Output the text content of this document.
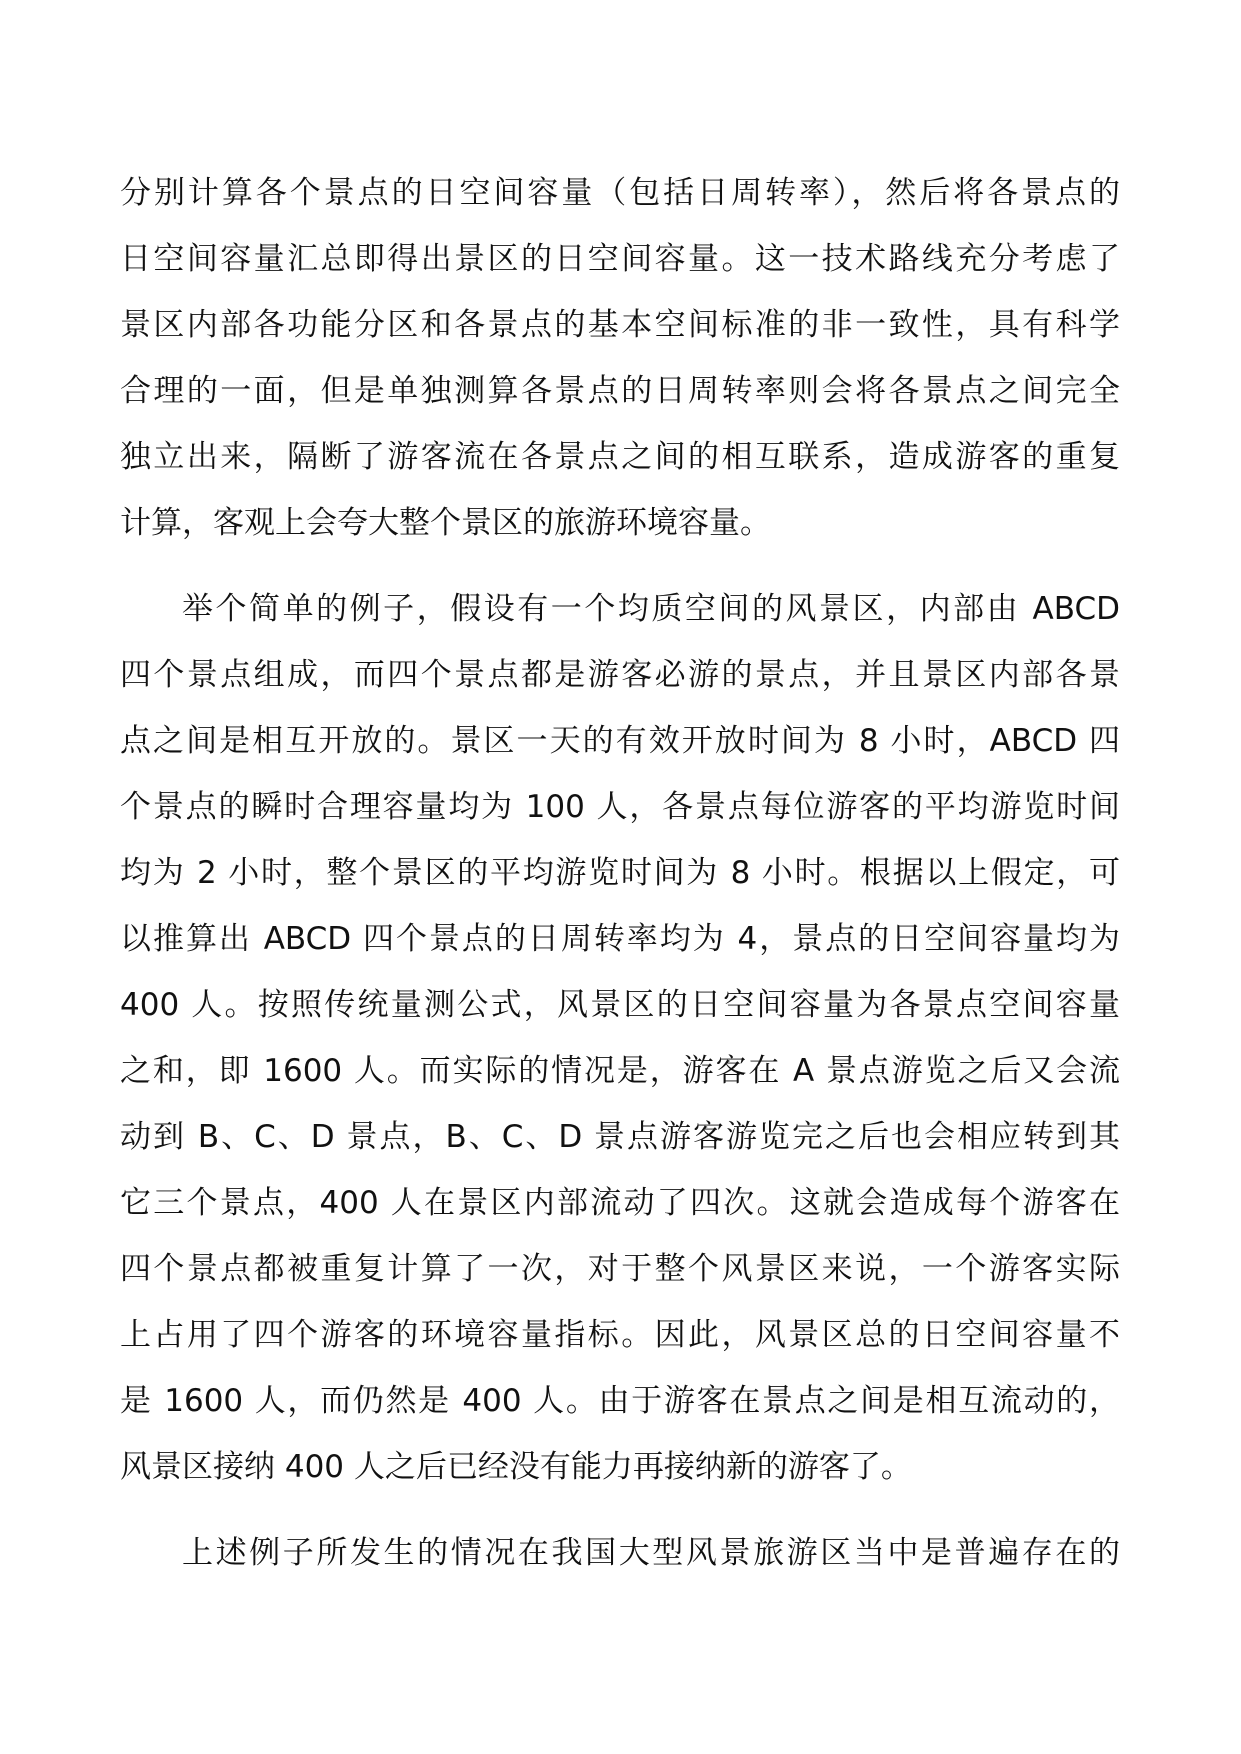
分别计算各个景点的日空间容量（包括日周转率），然后将各景点的
日空间容量汇总即得出景区的日空间容量。这一技术路线充分考虑了
景区内部各功能分区和各景点的基本空间标准的非一致性，具有科学
合理的一面，但是单独测算各景点的日周转率则会将各景点之间完全
独立出来，隔断了游客流在各景点之间的相互联系，造成游客的重复
计算，客观上会夸大整个景区的旅游环境容量。
举个简单的例子，假设有一个均质空间的风景区，内部由 ABCD
四个景点组成，而四个景点都是游客必游的景点，并且景区内部各景
点之间是相互开放的。景区一天的有效开放时间为 8 小时，ABCD 四
个景点的瞬时合理容量均为 100 人，各景点每位游客的平均游览时间
均为 2 小时，整个景区的平均游览时间为 8 小时。根据以上假定，可
以推算出 ABCD 四个景点的日周转率均为 4，景点的日空间容量均为
400 人。按照传统量测公式，风景区的日空间容量为各景点空间容量
之和，即 1600 人。而实际的情况是，游客在 A 景点游览之后又会流
动到 B、C、D 景点，B、C、D 景点游客游览完之后也会相应转到其
它三个景点，400 人在景区内部流动了四次。这就会造成每个游客在
四个景点都被重复计算了一次，对于整个风景区来说，一个游客实际
上占用了四个游客的环境容量指标。因此，风景区总的日空间容量不
是 1600 人，而仍然是 400 人。由于游客在景点之间是相互流动的，
风景区接纳 400 人之后已经没有能力再接纳新的游客了。
上述例子所发生的情况在我国大型风景旅游区当中是普遍存在的
